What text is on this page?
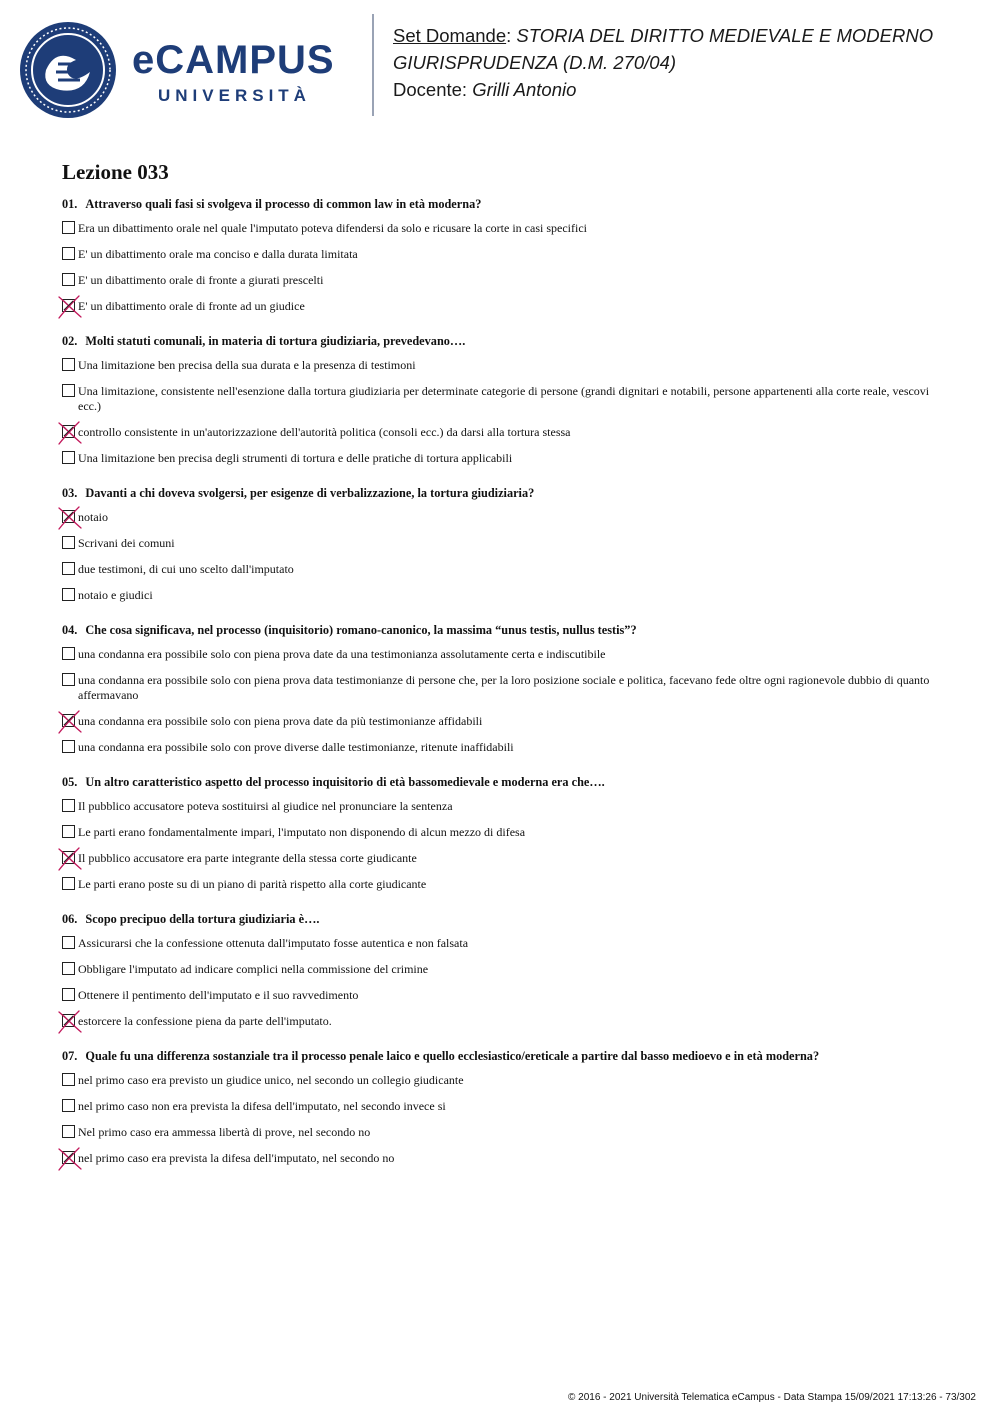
eCAMPUS
UNIVERSITÀ
Set Domande: STORIA DEL DIRITTO MEDIEVALE E MODERNO
GIURISPRUDENZA (D.M. 270/04)
Docente: Grilli Antonio
Lezione 033
01. Attraverso quali fasi si svolgeva il processo di common law in età moderna?
Era un dibattimento orale nel quale l'imputato poteva difendersi da solo e ricusare la corte in casi specifici
E' un dibattimento orale ma conciso e dalla durata limitata
E' un dibattimento orale di fronte a giurati prescelti
E' un dibattimento orale di fronte ad un giudice
02. Molti statuti comunali, in materia di tortura giudiziaria, prevedevano….
Una limitazione ben precisa della sua durata e la presenza di testimoni
Una limitazione, consistente nell'esenzione dalla tortura giudiziaria per determinate categorie di persone (grandi dignitari e notabili, persone appartenenti alla corte reale, vescovi ecc.)
controllo consistente in un'autorizzazione dell'autorità politica (consoli ecc.) da darsi alla tortura stessa
Una limitazione ben precisa degli strumenti di tortura e delle pratiche di tortura applicabili
03. Davanti a chi doveva svolgersi, per esigenze di verbalizzazione, la tortura giudiziaria?
notaio
Scrivani dei comuni
due testimoni, di cui uno scelto dall'imputato
notaio e giudici
04. Che cosa significava, nel processo (inquisitorio) romano-canonico, la massima “unus testis, nullus testis”?
una condanna era possibile solo con piena prova date da una testimonianza assolutamente certa e indiscutibile
una condanna era possibile solo con piena prova data testimonianze di persone che, per la loro posizione sociale e politica, facevano fede oltre ogni ragionevole dubbio di quanto affermavano
una condanna era possibile solo con piena prova date da più testimonianze affidabili
una condanna era possibile solo con prove diverse dalle testimonianze, ritenute inaffidabili
05. Un altro caratteristico aspetto del processo inquisitorio di età bassomedievale e moderna era che….
Il pubblico accusatore poteva sostituirsi al giudice nel pronunciare la sentenza
Le parti erano fondamentalmente impari, l'imputato non disponendo di alcun mezzo di difesa
Il pubblico accusatore era parte integrante della stessa corte giudicante
Le parti erano poste su di un piano di parità rispetto alla corte giudicante
06. Scopo precipuo della tortura giudiziaria è….
Assicurarsi che la confessione ottenuta dall'imputato fosse autentica e non falsata
Obbligare l'imputato ad indicare complici nella commissione del crimine
Ottenere il pentimento dell'imputato e il suo ravvedimento
estorcere la confessione piena da parte dell'imputato.
07. Quale fu una differenza sostanziale tra il processo penale laico e quello ecclesiastico/ereticale a partire dal basso medioevo e in età moderna?
nel primo caso era previsto un giudice unico, nel secondo un collegio giudicante
nel primo caso non era prevista la difesa dell'imputato, nel secondo invece si
Nel primo caso era ammessa libertà di prove, nel secondo no
nel primo caso era prevista la difesa dell'imputato, nel secondo no
© 2016 - 2021 Università Telematica eCampus - Data Stampa 15/09/2021 17:13:26 - 73/302
